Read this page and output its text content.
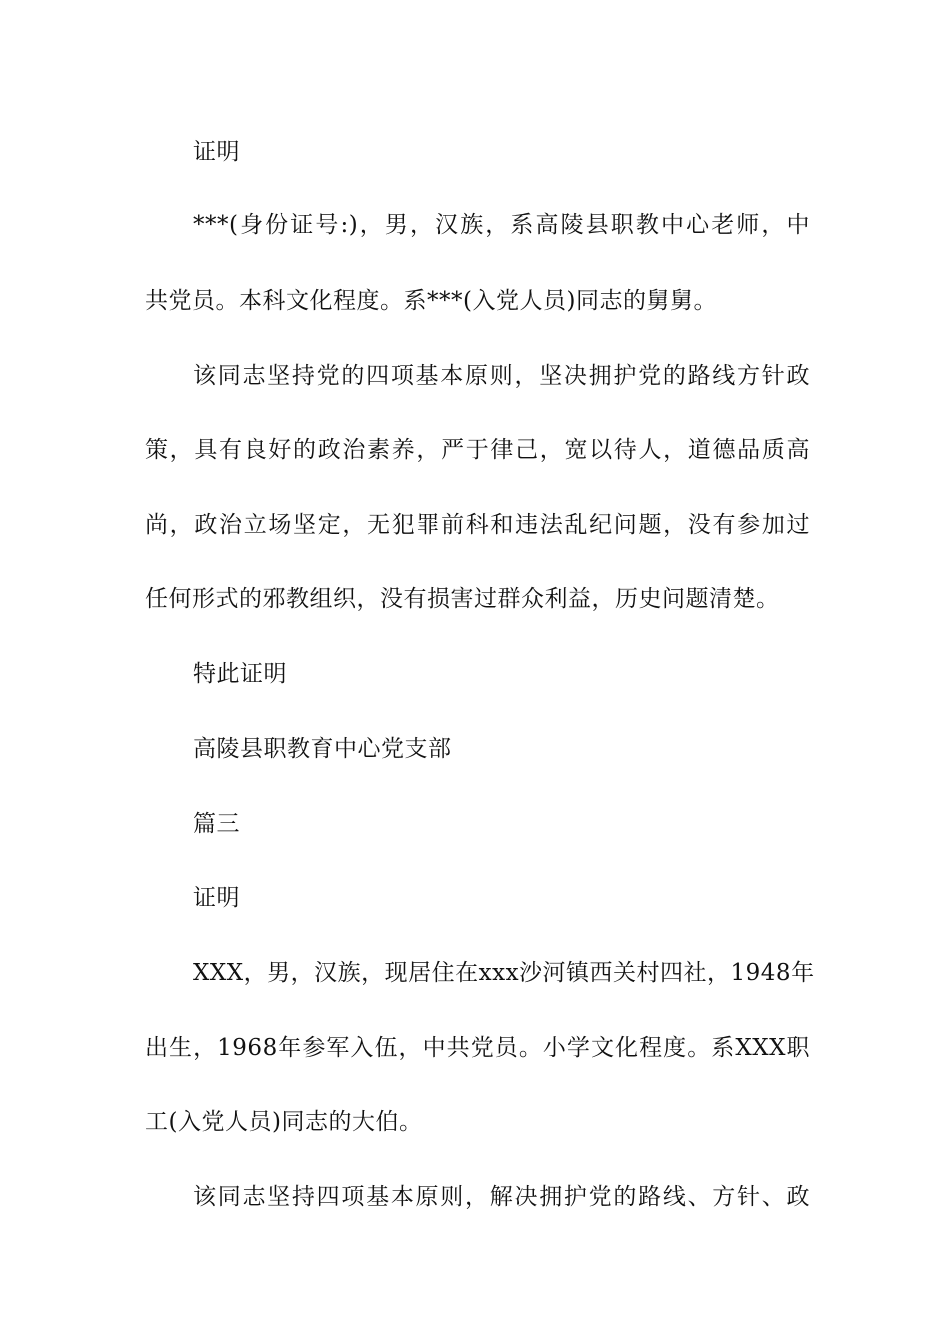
证明
***(身份证号:)，男，汉族，系高陵县职教中心老师，中
共党员。本科文化程度。系***(入党人员)同志的舅舅。
该同志坚持党的四项基本原则，坚决拥护党的路线方针政
策，具有良好的政治素养，严于律己，宽以待人，道德品质高
尚，政治立场坚定，无犯罪前科和违法乱纪问题，没有参加过
任何形式的邪教组织，没有损害过群众利益，历史问题清楚。
特此证明
高陵县职教育中心党支部
篇三
证明
XXX，男，汉族，现居住在xxx沙河镇西关村四社，1948年
出生，1968年参军入伍，中共党员。小学文化程度。系XXX职
工(入党人员)同志的大伯。
该同志坚持四项基本原则，解决拥护党的路线、方针、政
